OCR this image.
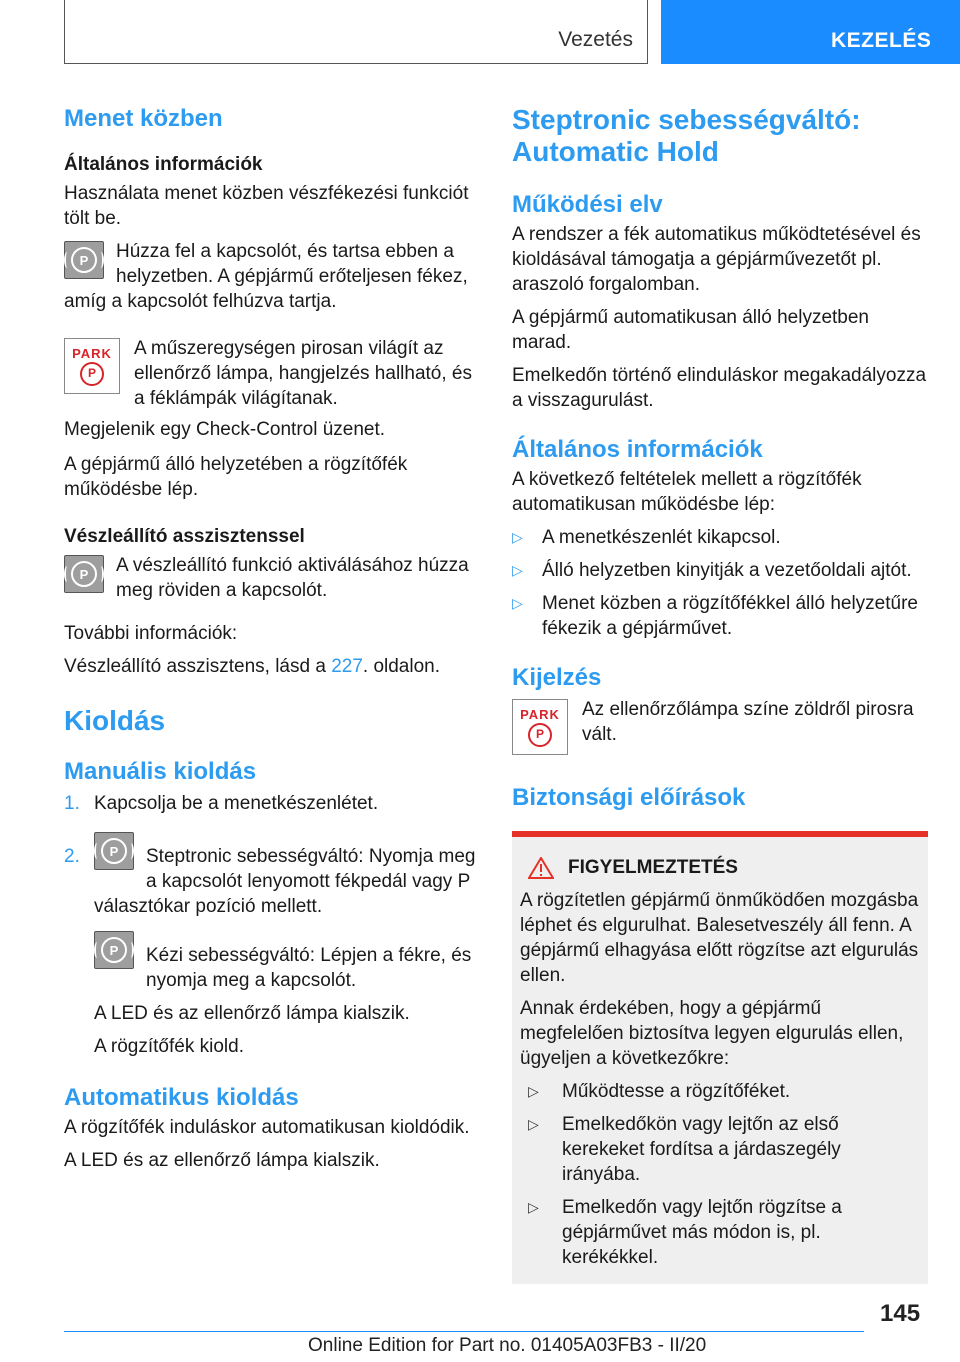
Vezetés	KEZELÉS

Menet közben

Általános információk

Használata menet közben vészfékezési funkciót tölt be.

P	Húzza fel a kapcsolót, és tartsa ebben a helyzetben. A gépjármű erőteljesen fékez, amíg a kapcsolót felhúzva tartja.

PARK
P

A műszeregységen pirosan világít az ellenőrző lámpa, hangjelzés hallható, és a féklámpák világítanak.

Megjelenik egy Check-Control üzenet.

A gépjármű álló helyzetében a rögzítőfék működésbe lép.

Vészleállító asszisztenssel

P	A vészleállító funkció aktiválásához húzza meg röviden a kapcsolót.

További információk:

Vészleállító asszisztens, lásd a 227. oldalon.

Kioldás

Manuális kioldás

1. Kapcsolja be a menetkészenlétet.
2.	P	Steptronic sebességváltó: Nyomja meg a kapcsolót lenyomott fékpedál vagy P választókar pozíció mellett.

P	Kézi sebességváltó: Lépjen a fékre, és nyomja meg a kapcsolót.

A LED és az ellenőrző lámpa kialszik.

A rögzítőfék kiold.

Automatikus kioldás

A rögzítőfék induláskor automatikusan kioldódik.

A LED és az ellenőrző lámpa kialszik.

Steptronic sebességváltó: Automatic Hold

Működési elv

A rendszer a fék automatikus működtetésével és kioldásával támogatja a gépjárművezetőt pl. araszoló forgalomban.

A gépjármű automatikusan álló helyzetben marad.

Emelkedőn történő elinduláskor megakadályozza a visszagurulást.

Általános információk

A következő feltételek mellett a rögzítőfék automatikusan működésbe lép:

▷ A menetkészenlét kikapcsol.
▷ Álló helyzetben kinyitják a vezetőoldali ajtót.
▷ Menet közben a rögzítőfékkel álló helyzetűre fékezik a gépjárművet.

Kijelzés

PARK
P

Az ellenőrzőlámpa színe zöldről pirosra vált.

Biztonsági előírások

FIGYELMEZTETÉS

A rögzítetlen gépjármű önműködően mozgásba léphet és elgurulhat. Balesetveszély áll fenn. A gépjármű elhagyása előtt rögzítse azt elgurulás ellen.

Annak érdekében, hogy a gépjármű megfelelően biztosítva legyen elgurulás ellen, ügyeljen a következőkre:

▷ Működtesse a rögzítőféket.
▷ Emelkedőkön vagy lejtőn az első kerekeket fordítsa a járdaszegély irányába.
▷ Emelkedőn vagy lejtőn rögzítse a gépjárművet más módon is, pl. kerékékkel.
145
Online Edition for Part no. 01405A03FB3 - II/20
